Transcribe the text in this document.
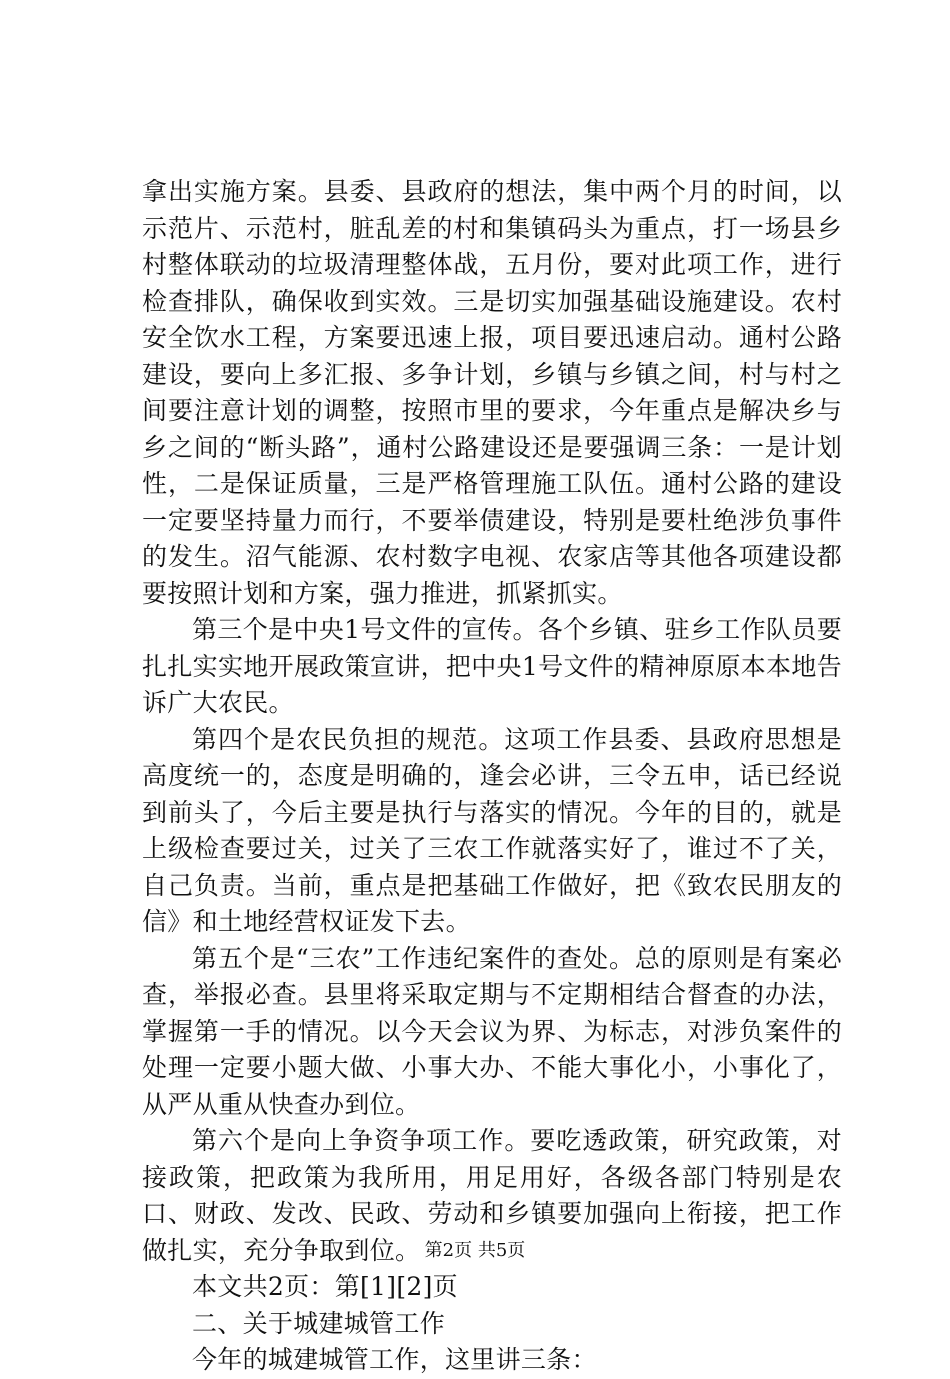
拿出实施方案。县委、县政府的想法，集中两个月的时间，以示范片、示范村，脏乱差的村和集镇码头为重点，打一场县乡村整体联动的垃圾清理整体战，五月份，要对此项工作，进行检查排队，确保收到实效。三是切实加强基础设施建设。农村安全饮水工程，方案要迅速上报，项目要迅速启动。通村公路建设，要向上多汇报、多争计划，乡镇与乡镇之间，村与村之间要注意计划的调整，按照市里的要求，今年重点是解决乡与乡之间的“断头路”，通村公路建设还是要强调三条：一是计划性，二是保证质量，三是严格管理施工队伍。通村公路的建设一定要坚持量力而行，不要举债建设，特别是要杜绝涉负事件的发生。沼气能源、农村数字电视、农家店等其他各项建设都要按照计划和方案，强力推进，抓紧抓实。

第三个是中央1号文件的宣传。各个乡镇、驻乡工作队员要扎扎实实地开展政策宣讲，把中央1号文件的精神原原本本地告诉广大农民。

第四个是农民负担的规范。这项工作县委、县政府思想是高度统一的，态度是明确的，逢会必讲，三令五申，话已经说到前头了，今后主要是执行与落实的情况。今年的目的，就是上级检查要过关，过关了三农工作就落实好了，谁过不了关，自己负责。当前，重点是把基础工作做好，把《致农民朋友的信》和土地经营权证发下去。

第五个是“三农”工作违纪案件的查处。总的原则是有案必查，举报必查。县里将采取定期与不定期相结合督查的办法，掌握第一手的情况。以今天会议为界、为标志，对涉负案件的处理一定要小题大做、小事大办、不能大事化小，小事化了，从严从重从快查办到位。

第六个是向上争资争项工作。要吃透政策，研究政策，对接政策，把政策为我所用，用足用好，各级各部门特别是农口、财政、发改、民政、劳动和乡镇要加强向上衔接，把工作做扎实，充分争取到位。

本文共2页：第[1][2]页

二、关于城建城管工作

今年的城建城管工作，这里讲三条：

第2页 共5页
